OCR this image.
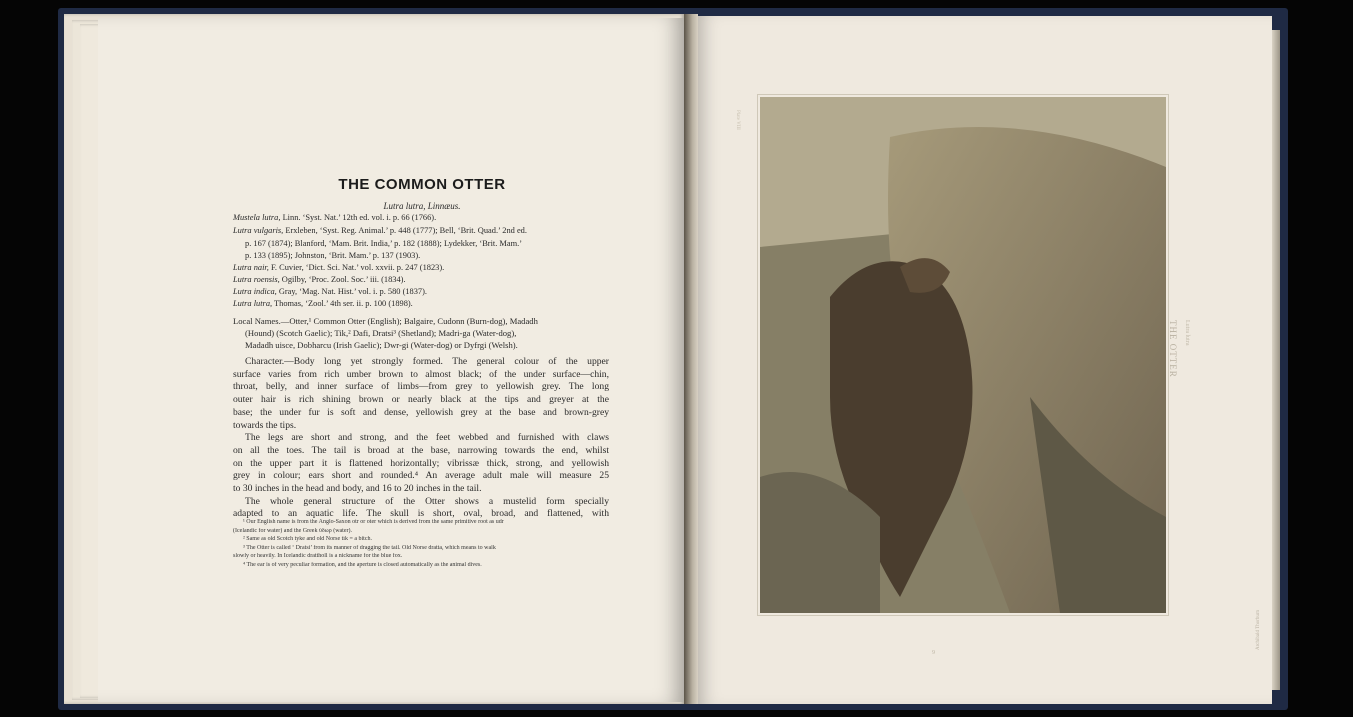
THE COMMON OTTER
Lutra lutra, Linnæus.
Mustela lutra, Linn. ‘Syst. Nat.’ 12th ed. vol. i. p. 66 (1766).
Lutra vulgaris, Erxleben, ‘Syst. Reg. Animal.’ p. 448 (1777); Bell, ‘Brit. Quad.’ 2nd ed.
p. 167 (1874); Blanford, ‘Mam. Brit. India,’ p. 182 (1888); Lydekker, ‘Brit. Mam.’
p. 133 (1895); Johnston, ‘Brit. Mam.’ p. 137 (1903).
Lutra nair, F. Cuvier, ‘Dict. Sci. Nat.’ vol. xxvii. p. 247 (1823).
Lutra roensis, Ogilby, ‘Proc. Zool. Soc.’ iii. (1834).
Lutra indica, Gray, ‘Mag. Nat. Hist.’ vol. i. p. 580 (1837).
Lutra lutra, Thomas, ‘Zool.’ 4th ser. ii. p. 100 (1898).
Local Names.—Otter,¹ Common Otter (English); Balgaire, Cudonn (Burn-dog), Madadh
(Hound) (Scotch Gaelic); Tik,² Dafi, Dratsi³ (Shetland); Madri-ga (Water-dog),
Madadh uisce, Dobharcu (Irish Gaelic); Dwr-gi (Water-dog) or Dyfrgi (Welsh).
Character.—Body long yet strongly formed. The general colour of the upper
surface varies from rich umber brown to almost black; of the under surface—chin,
throat, belly, and inner surface of limbs—from grey to yellowish grey. The long
outer hair is rich shining brown or nearly black at the tips and greyer at the
base; the under fur is soft and dense, yellowish grey at the base and brown-grey
towards the tips.
The legs are short and strong, and the feet webbed and furnished with claws
on all the toes. The tail is broad at the base, narrowing towards the end, whilst
on the upper part it is flattened horizontally; vibrissæ thick, strong, and yellowish
grey in colour; ears short and rounded.⁴ An average adult male will measure 25
to 30 inches in the head and body, and 16 to 20 inches in the tail.
The whole general structure of the Otter shows a mustelid form specially
adapted to an aquatic life. The skull is short, oval, broad, and flattened, with
¹ Our English name is from the Anglo-Saxon otr or oter which is derived from the same primitive root as udr
(Icelandic for water) and the Greek ὕδωρ (water).
² Same as old Scotch tyke and old Norse tík = a bitch.
³ The Otter is called ‘ Dratsi’ from its manner of dragging the tail. Old Norse dratta, which means to walk
slowly or heavily. In Icelandic drattholl is a nickname for the blue fox.
⁴ The ear is of very peculiar formation, and the aperture is closed automatically as the animal dives.
THE OTTER Lutra lutra
Archibald Thorburn
Plate VIII
9
